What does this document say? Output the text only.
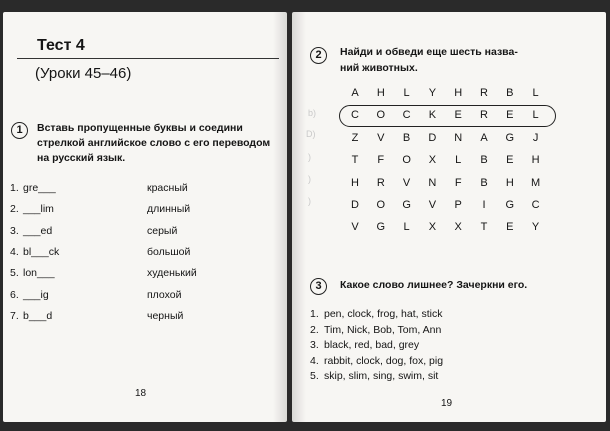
Тест 4
(Уроки 45–46)
1	Вставь пропущенные буквы и соедини стрелкой английское слово с его переводом на русский язык.
1. gre___	красный
2. ___lim	длинный
3. ___ed	серый
4. bl___ck	большой
5. lon___	худенький
6. ___ig	плохой
7. b___d	черный
18
2	Найди и обведи еще шесть назва-
ний животных.
b)
D)
)
)
)
A	H	L	Y	H	R	B	L
C	O	C	K	E	R	E	L
Z	V	B	D	N	A	G	J
T	F	O	X	L	B	E	H
H	R	V	N	F	B	H	M
D	O	G	V	P	I	G	C
V	G	L	X	X	T	E	Y
3	Какое слово лишнее? Зачеркни его.
1. pen, clock, frog, hat, stick
2. Tim, Nick, Bob, Tom, Ann
3. black, red, bad, grey
4. rabbit, clock, dog, fox, pig
5. skip, slim, sing, swim, sit
19
